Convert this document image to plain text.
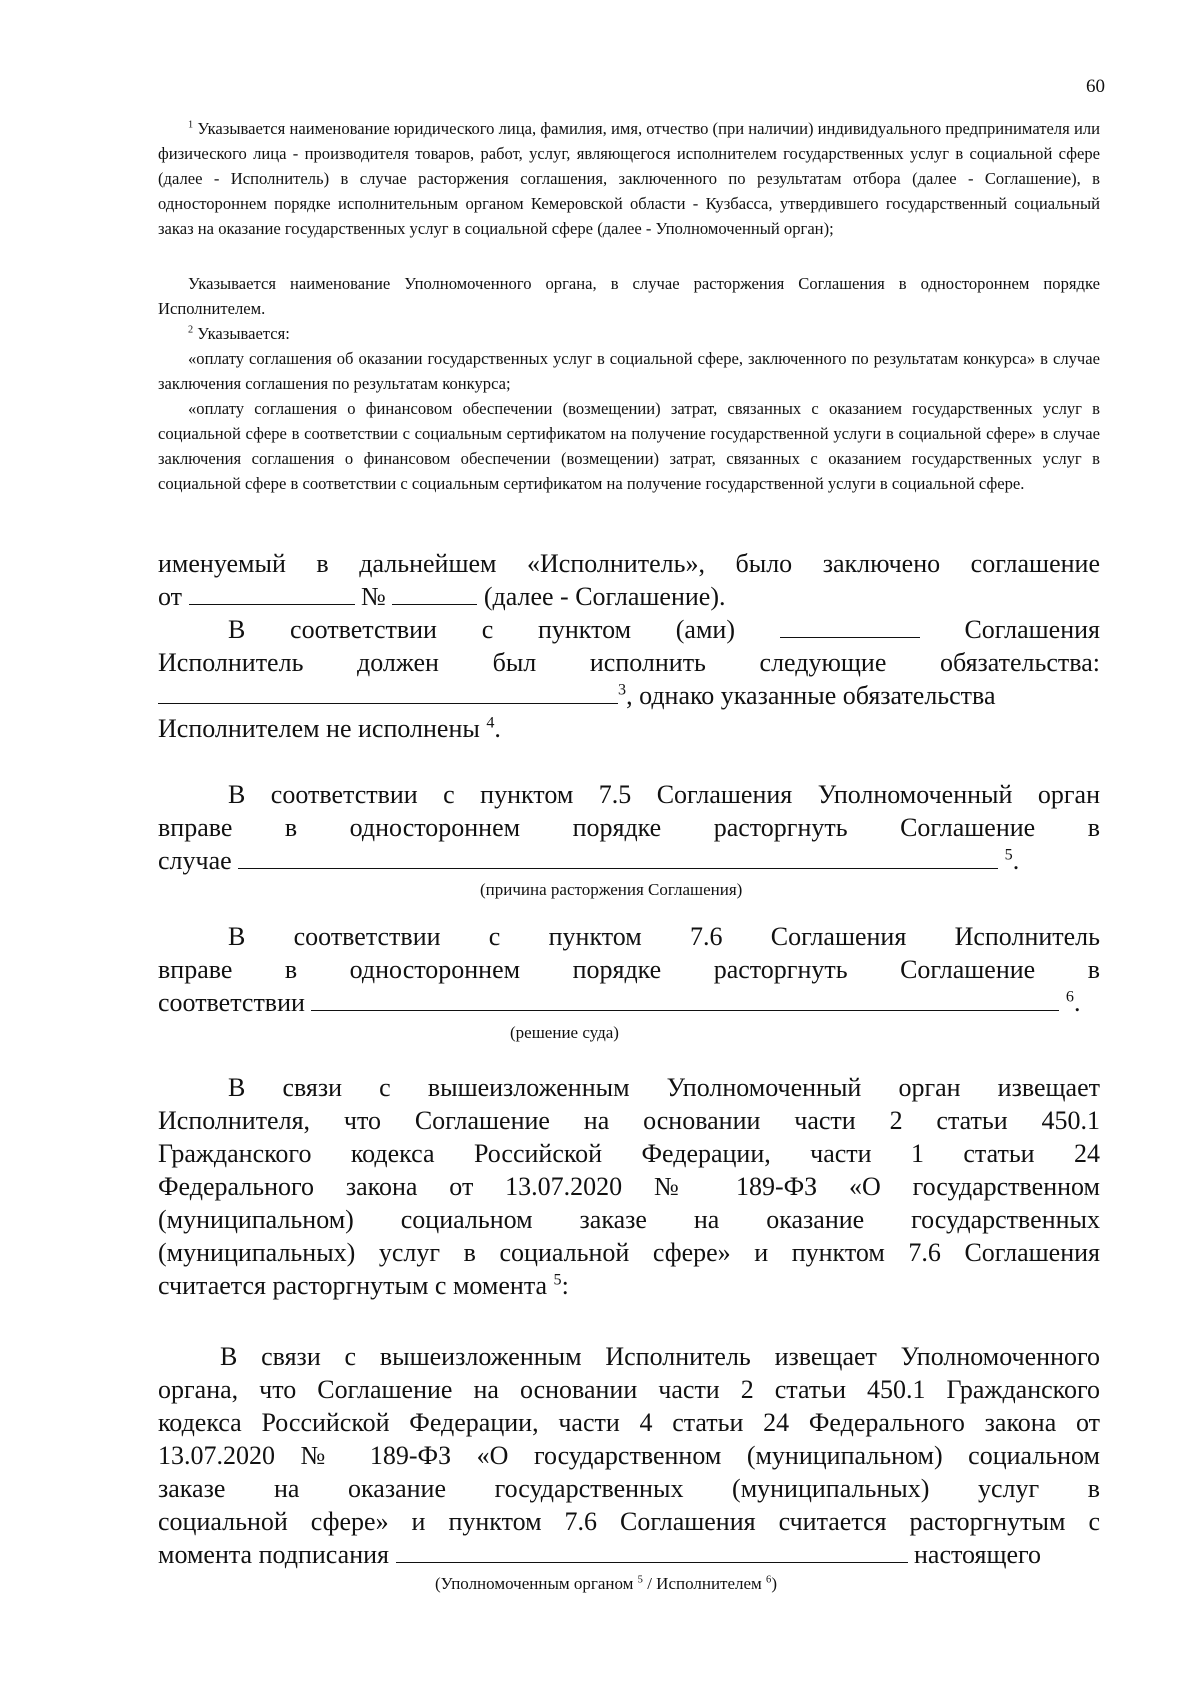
60
$^1$ Указывается наименование юридического лица, фамилия, имя, отчество (при наличии) индивидуального предпринимателя или физического лица - производителя товаров, работ, услуг, являющегося исполнителем государственных услуг в социальной сфере (далее - Исполнитель) в случае расторжения соглашения, заключенного по результатам отбора (далее - Соглашение), в одностороннем порядке исполнительным органом Кемеровской области - Кузбасса, утвердившего государственный социальный заказ на оказание государственных услуг в социальной сфере (далее - Уполномоченный орган);
Указывается наименование Уполномоченного органа, в случае расторжения Соглашения в одностороннем порядке Исполнителем.
$^2$ Указывается:
«оплату соглашения об оказании государственных услуг в социальной сфере, заключенного по результатам конкурса» в случае заключения соглашения по результатам конкурса;
«оплату соглашения о финансовом обеспечении (возмещении) затрат, связанных с оказанием государственных услуг в социальной сфере в соответствии с социальным сертификатом на получение государственной услуги в социальной сфере» в случае заключения соглашения о финансовом обеспечении (возмещении) затрат, связанных с оказанием государственных услуг в социальной сфере в соответствии с социальным сертификатом на получение государственной услуги в социальной сфере.
именуемый в дальнейшем «Исполнитель», было заключено соглашение
от	№	(далее - Соглашение).
В соответствии с пунктом (ами)	Соглашения
Исполнитель должен был исполнить следующие обязательства:
$^3$, однако указанные обязательства
Исполнителем не исполнены $^4$.
В соответствии с пунктом 7.5 Соглашения Уполномоченный орган
вправе в одностороннем порядке расторгнуть Соглашение в
случае	$^5$.
(причина расторжения Соглашения)
В соответствии с пунктом 7.6 Соглашения Исполнитель
вправе в одностороннем порядке расторгнуть Соглашение в
соответствии	$^6$.
(решение суда)
В связи с вышеизложенным Уполномоченный орган извещает
Исполнителя, что Соглашение на основании части 2 статьи 450.1
Гражданского кодекса Российской Федерации, части 1 статьи 24
Федерального закона от 13.07.2020 № 189-ФЗ «О государственном
(муниципальном) социальном заказе на оказание государственных
(муниципальных) услуг в социальной сфере» и пунктом 7.6 Соглашения
считается расторгнутым с момента $^5$:
В связи с вышеизложенным Исполнитель извещает Уполномоченного
органа, что Соглашение на основании части 2 статьи 450.1 Гражданского
кодекса Российской Федерации, части 4 статьи 24 Федерального закона от
13.07.2020 № 189-ФЗ «О государственном (муниципальном) социальном
заказе на оказание государственных (муниципальных) услуг в
социальной сфере» и пунктом 7.6 Соглашения считается расторгнутым с
момента подписания	настоящего
(Уполномоченным органом $^5$ / Исполнителем $^6$)
